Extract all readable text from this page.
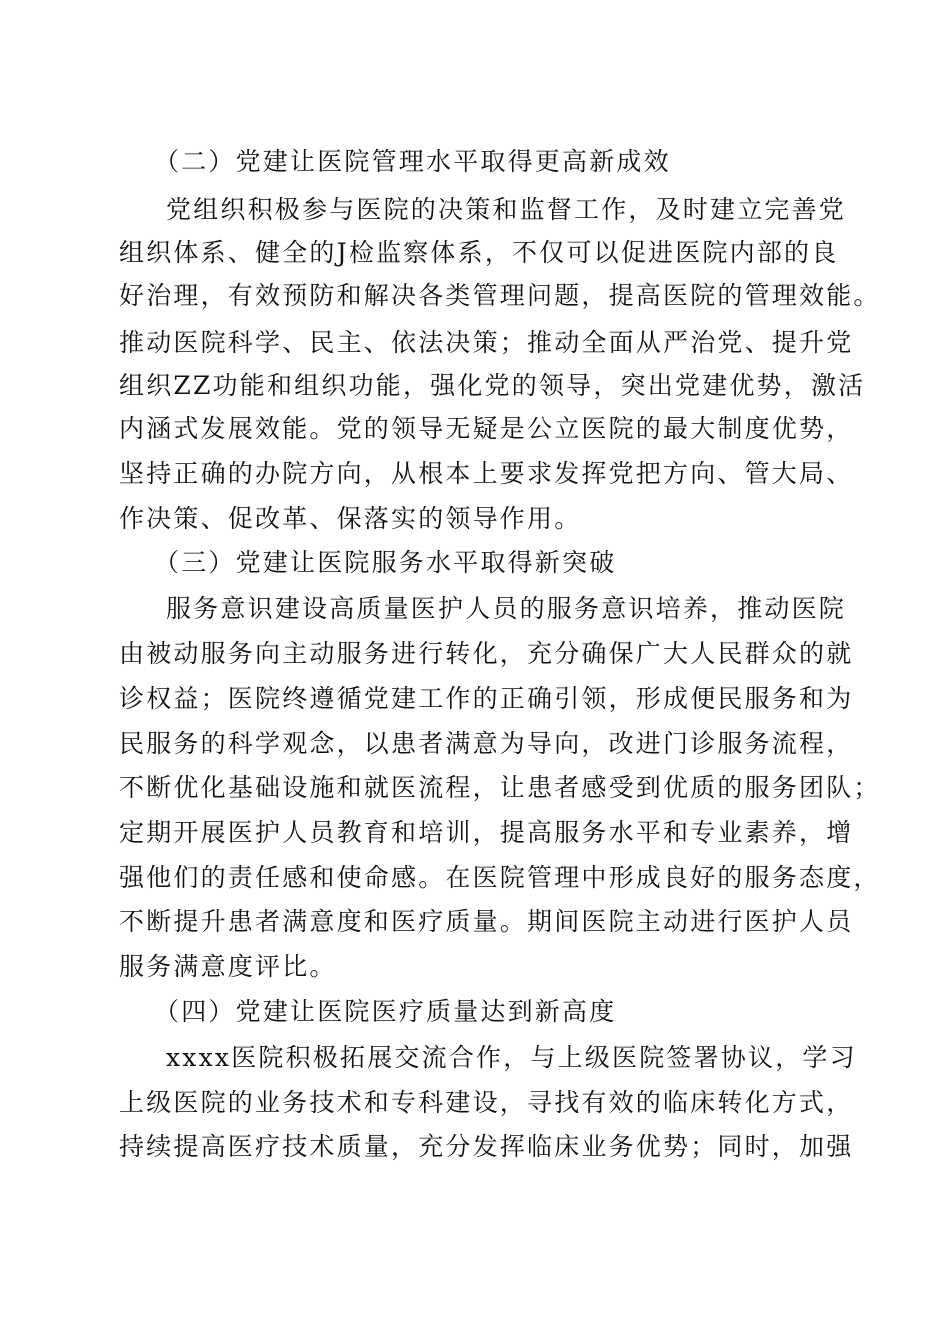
（二）党建让医院管理水平取得更高新成效
党组织积极参与医院的决策和监督工作，及时建立完善党
组织体系、健全的J检监察体系，不仅可以促进医院内部的良
好治理，有效预防和解决各类管理问题，提高医院的管理效能。
推动医院科学、民主、依法决策；推动全面从严治党、提升党
组织ZZ功能和组织功能，强化党的领导，突出党建优势，激活
内涵式发展效能。党的领导无疑是公立医院的最大制度优势，
坚持正确的办院方向，从根本上要求发挥党把方向、管大局、
作决策、促改革、保落实的领导作用。
（三）党建让医院服务水平取得新突破
服务意识建设高质量医护人员的服务意识培养，推动医院
由被动服务向主动服务进行转化，充分确保广大人民群众的就
诊权益；医院终遵循党建工作的正确引领，形成便民服务和为
民服务的科学观念，以患者满意为导向，改进门诊服务流程，
不断优化基础设施和就医流程，让患者感受到优质的服务团队；
定期开展医护人员教育和培训，提高服务水平和专业素养，增
强他们的责任感和使命感。在医院管理中形成良好的服务态度，
不断提升患者满意度和医疗质量。期间医院主动进行医护人员
服务满意度评比。
（四）党建让医院医疗质量达到新高度
xxxx医院积极拓展交流合作，与上级医院签署协议，学习
上级医院的业务技术和专科建设，寻找有效的临床转化方式，
持续提高医疗技术质量，充分发挥临床业务优势；同时，加强
